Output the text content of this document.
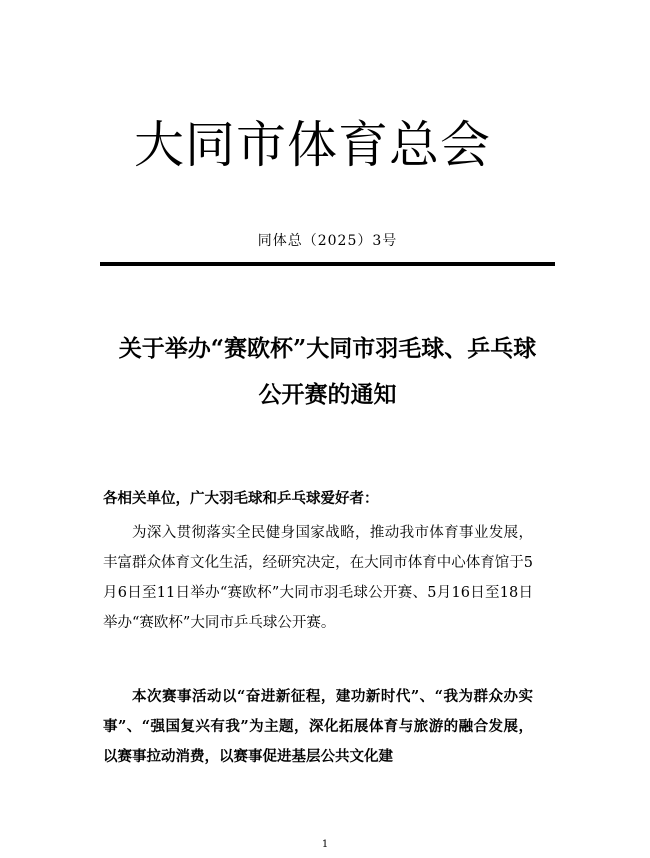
大同市体育总会
同体总（2025）3号
关于举办“赛欧杯”大同市羽毛球、乒乓球
公开赛的通知
各相关单位，广大羽毛球和乒乓球爱好者：
为深入贯彻落实全民健身国家战略，推动我市体育事业发展，丰富群众体育文化生活，经研究决定，在大同市体育中心体育馆于5月6日至11日举办“赛欧杯”大同市羽毛球公开赛、5月16日至18日举办“赛欧杯”大同市乒乓球公开赛。
本次赛事活动以“奋进新征程，建功新时代”、“我为群众办实事”、“强国复兴有我”为主题，深化拓展体育与旅游的融合发展，以赛事拉动消费，以赛事促进基层公共文化建
1
